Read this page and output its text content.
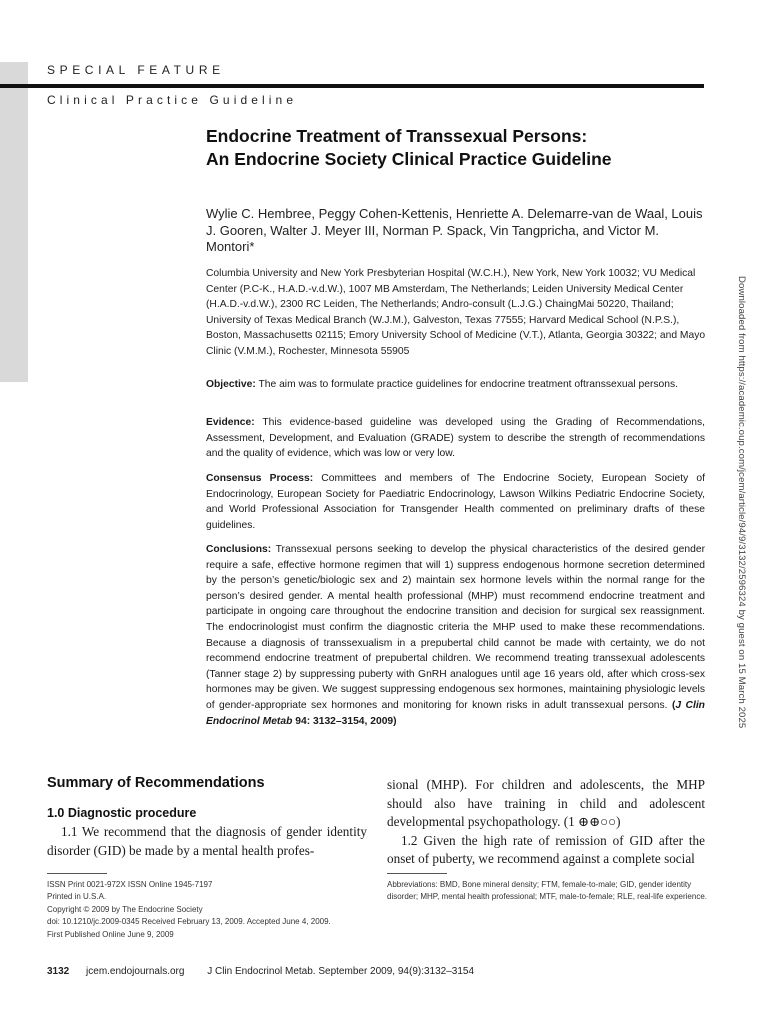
SPECIAL FEATURE
Clinical Practice Guideline
Endocrine Treatment of Transsexual Persons:
An Endocrine Society Clinical Practice Guideline
Wylie C. Hembree, Peggy Cohen-Kettenis, Henriette A. Delemarre-van de Waal, Louis J. Gooren, Walter J. Meyer III, Norman P. Spack, Vin Tangpricha, and Victor M. Montori*
Columbia University and New York Presbyterian Hospital (W.C.H.), New York, New York 10032; VU Medical Center (P.C-K., H.A.D.-v.d.W.), 1007 MB Amsterdam, The Netherlands; Leiden University Medical Center (H.A.D.-v.d.W.), 2300 RC Leiden, The Netherlands; Andro-consult (L.J.G.) ChaingMai 50220, Thailand; University of Texas Medical Branch (W.J.M.), Galveston, Texas 77555; Harvard Medical School (N.P.S.), Boston, Massachusetts 02115; Emory University School of Medicine (V.T.), Atlanta, Georgia 30322; and Mayo Clinic (V.M.M.), Rochester, Minnesota 55905
Objective: The aim was to formulate practice guidelines for endocrine treatment oftranssexual persons.
Evidence: This evidence-based guideline was developed using the Grading of Recommendations, Assessment, Development, and Evaluation (GRADE) system to describe the strength of recommendations and the quality of evidence, which was low or very low.
Consensus Process: Committees and members of The Endocrine Society, European Society of Endocrinology, European Society for Paediatric Endocrinology, Lawson Wilkins Pediatric Endocrine Society, and World Professional Association for Transgender Health commented on preliminary drafts of these guidelines.
Conclusions: Transsexual persons seeking to develop the physical characteristics of the desired gender require a safe, effective hormone regimen that will 1) suppress endogenous hormone secretion determined by the person’s genetic/biologic sex and 2) maintain sex hormone levels within the normal range for the person’s desired gender. A mental health professional (MHP) must recommend endocrine treatment and participate in ongoing care throughout the endocrine transition and decision for surgical sex reassignment. The endocrinologist must confirm the diagnostic criteria the MHP used to make these recommendations. Because a diagnosis of transsexualism in a prepubertal child cannot be made with certainty, we do not recommend endocrine treatment of prepubertal children. We recommend treating transsexual adolescents (Tanner stage 2) by suppressing puberty with GnRH analogues until age 16 years old, after which cross-sex hormones may be given. We suggest suppressing endogenous sex hormones, maintaining physiologic levels of gender-appropriate sex hormones and monitoring for known risks in adult transsexual persons. (J Clin Endocrinol Metab 94: 3132–3154, 2009)
Summary of Recommendations
1.0 Diagnostic procedure
1.1 We recommend that the diagnosis of gender identity disorder (GID) be made by a mental health profes-
sional (MHP). For children and adolescents, the MHP should also have training in child and adolescent developmental psychopathology. (1 ⊕⊕○○)
1.2 Given the high rate of remission of GID after the onset of puberty, we recommend against a complete social
ISSN Print 0021-972X ISSN Online 1945-7197
Printed in U.S.A.
Copyright © 2009 by The Endocrine Society
doi: 10.1210/jc.2009-0345 Received February 13, 2009. Accepted June 4, 2009.
First Published Online June 9, 2009
Abbreviations: BMD, Bone mineral density; FTM, female-to-male; GID, gender identity disorder; MHP, mental health professional; MTF, male-to-female; RLE, real-life experience.
3132 jcem.endojournals.org J Clin Endocrinol Metab. September 2009, 94(9):3132–3154
Downloaded from https://academic.oup.com/jcem/article/94/9/3132/2596324 by guest on 15 March 2025
